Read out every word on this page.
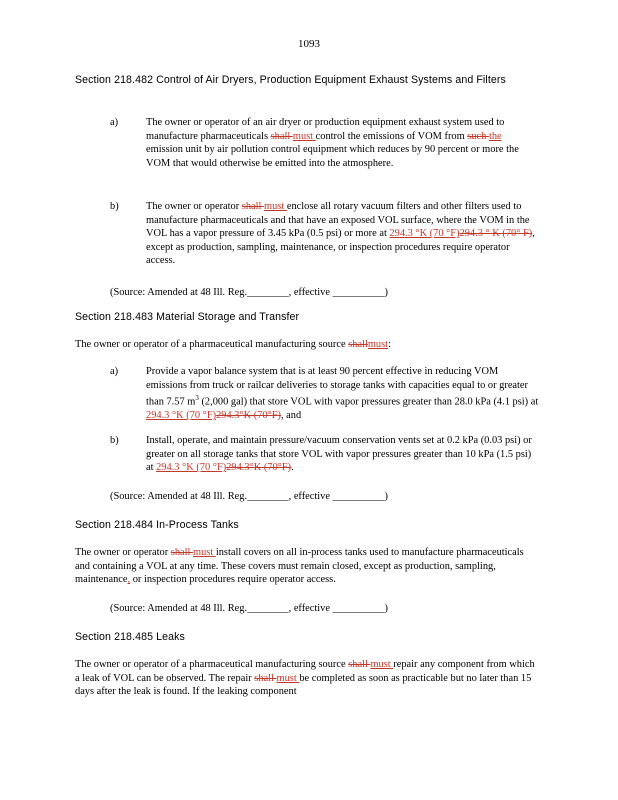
1093
Section 218.482 Control of Air Dryers, Production Equipment Exhaust Systems and Filters
a)	The owner or operator of an air dryer or production equipment exhaust system used to manufacture pharmaceuticals shall must control the emissions of VOM from such the emission unit by air pollution control equipment which reduces by 90 percent or more the VOM that would otherwise be emitted into the atmosphere.
b)	The owner or operator shall must enclose all rotary vacuum filters and other filters used to manufacture pharmaceuticals and that have an exposed VOL surface, where the VOM in the VOL has a vapor pressure of 3.45 kPa (0.5 psi) or more at 294.3 °K (70 °F)294.3 ° K (70° F), except as production, sampling, maintenance, or inspection procedures require operator access.
(Source: Amended at 48 Ill. Reg.________, effective __________)
Section 218.483 Material Storage and Transfer
The owner or operator of a pharmaceutical manufacturing source shallmust:
a)	Provide a vapor balance system that is at least 90 percent effective in reducing VOM emissions from truck or railcar deliveries to storage tanks with capacities equal to or greater than 7.57 $m^3$ (2,000 gal) that store VOL with vapor pressures greater than 28.0 kPa (4.1 psi) at 294.3 °K (70 °F)294.3°K (70°F), and
b)	Install, operate, and maintain pressure/vacuum conservation vents set at 0.2 kPa (0.03 psi) or greater on all storage tanks that store VOL with vapor pressures greater than 10 kPa (1.5 psi) at 294.3 °K (70 °F)294.3°K (70°F).
(Source: Amended at 48 Ill. Reg.________, effective __________)
Section 218.484 In-Process Tanks
The owner or operator shall must install covers on all in-process tanks used to manufacture pharmaceuticals and containing a VOL at any time. These covers must remain closed, except as production, sampling, maintenance, or inspection procedures require operator access.
(Source: Amended at 48 Ill. Reg.________, effective __________)
Section 218.485 Leaks
The owner or operator of a pharmaceutical manufacturing source shall must repair any component from which a leak of VOL can be observed. The repair shall must be completed as soon as practicable but no later than 15 days after the leak is found. If the leaking component
